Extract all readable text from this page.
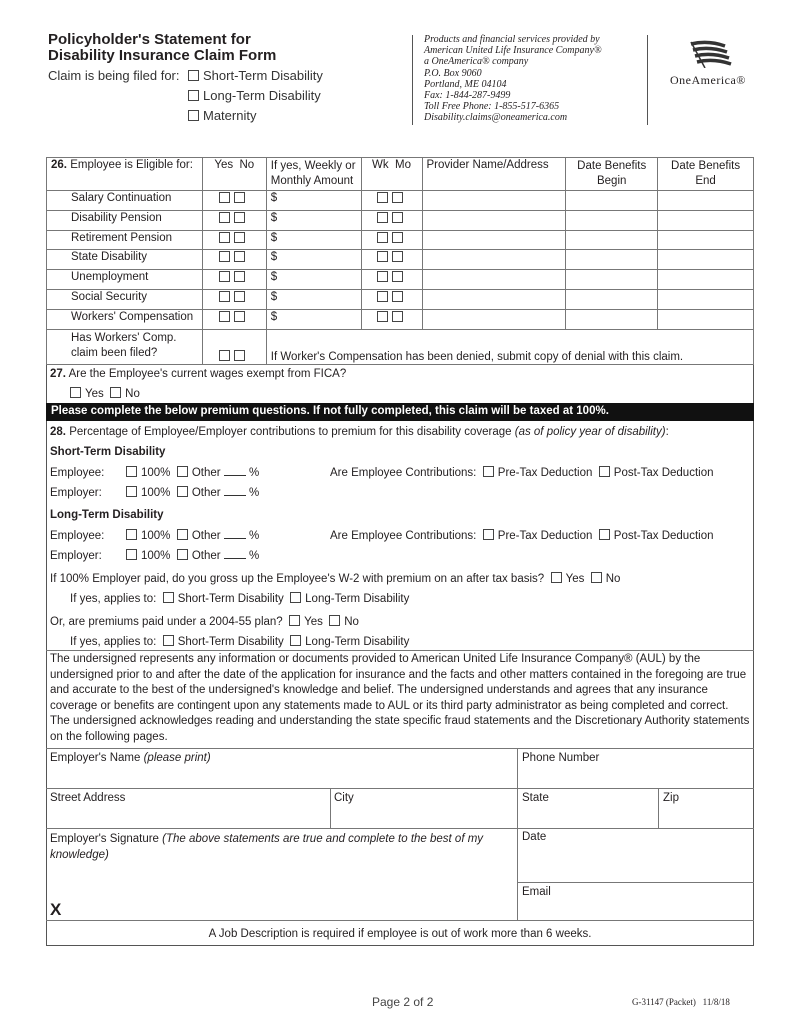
Policyholder's Statement for
Disability Insurance Claim Form
Claim is being filed for:	Short-Term Disability
Long-Term Disability
Maternity
Products and financial services provided by
American United Life Insurance Company®
a OneAmerica® company
P.O. Box 9060
Portland, ME 04104
Fax: 1-844-287-9499
Toll Free Phone: 1-855-517-6365
Disability.claims@oneamerica.com
OneAmerica®
26. Employee is Eligible for:	Yes No	If yes, Weekly or Monthly Amount	Wk Mo	Provider Name/Address	Date Benefits Begin	Date Benefits End
Salary Continuation		$				
Disability Pension		$				
Retirement Pension		$				
State Disability		$				
Unemployment		$				
Social Security		$				
Workers' Compensation		$				
Has Workers' Comp. claim been filed?		If Worker's Compensation has been denied, submit copy of denial with this claim.				
27. Are the Employee's current wages exempt from FICA?
Yes No
Please complete the below premium questions. If not fully completed, this claim will be taxed at 100%.
28. Percentage of Employee/Employer contributions to premium for this disability coverage (as of policy year of disability):
Short-Term Disability
Employee:	100% Other %
Employer:	100% Other %
Are Employee Contributions: Pre-Tax Deduction Post-Tax Deduction
Long-Term Disability
Employee:	100% Other %
Employer:	100% Other %
Are Employee Contributions: Pre-Tax Deduction Post-Tax Deduction
If 100% Employer paid, do you gross up the Employee's W-2 with premium on an after tax basis? Yes No
If yes, applies to: Short-Term Disability Long-Term Disability
Or, are premiums paid under a 2004-55 plan? Yes No
If yes, applies to: Short-Term Disability Long-Term Disability
The undersigned represents any information or documents provided to American United Life Insurance Company® (AUL) by the undersigned prior to and after the date of the application for insurance and the facts and other matters contained in the foregoing are true and accurate to the best of the undersigned's knowledge and belief. The undersigned understands and agrees that any insurance coverage or benefits are contingent upon any statements made to AUL or its third party administrator as being completed and correct. The undersigned acknowledges reading and understanding the state specific fraud statements and the Discretionary Authority statements on the following pages.
Employer's Name (please print)	Phone Number
Street Address	City	State	Zip
Employer's Signature (The above statements are true and complete to the best of my knowledge)
X
Date
Email
A Job Description is required if employee is out of work more than 6 weeks.
Page 2 of 2	G-31147 (Packet)   11/8/18
